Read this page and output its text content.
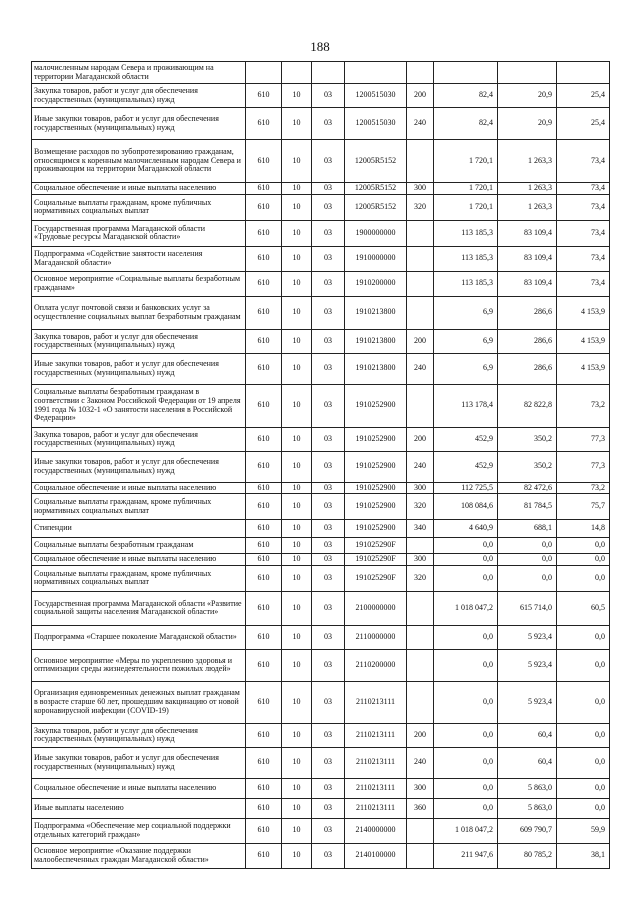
188
малочисленным народам Севера и проживающим на территории Магаданской области								
Закупка товаров, работ и услуг для обеспечения государственных (муниципальных) нужд	610	10	03	1200515030	200	82,4	20,9	25,4
Иные закупки товаров, работ и услуг для обеспечения государственных (муниципальных) нужд	610	10	03	1200515030	240	82,4	20,9	25,4
Возмещение расходов по зубопротезированию гражданам, относящимся к коренным малочисленным народам Севера и проживающим на территории Магаданской области	610	10	03	12005R5152		1 720,1	1 263,3	73,4
Социальное обеспечение и иные выплаты населению	610	10	03	12005R5152	300	1 720,1	1 263,3	73,4
Социальные выплаты гражданам, кроме публичных нормативных социальных выплат	610	10	03	12005R5152	320	1 720,1	1 263,3	73,4
Государственная программа Магаданской области «Трудовые ресурсы Магаданской области»	610	10	03	1900000000		113 185,3	83 109,4	73,4
Подпрограмма «Содействие занятости населения Магаданской области»	610	10	03	1910000000		113 185,3	83 109,4	73,4
Основное мероприятие «Социальные выплаты безработным гражданам»	610	10	03	1910200000		113 185,3	83 109,4	73,4
Оплата услуг почтовой связи и банковских услуг за осуществление социальных выплат безработным гражданам	610	10	03	1910213800		6,9	286,6	4 153,9
Закупка товаров, работ и услуг для обеспечения государственных (муниципальных) нужд	610	10	03	1910213800	200	6,9	286,6	4 153,9
Иные закупки товаров, работ и услуг для обеспечения государственных (муниципальных) нужд	610	10	03	1910213800	240	6,9	286,6	4 153,9
Социальные выплаты безработным гражданам в соответствии с Законом Российской Федерации от 19 апреля 1991 года № 1032-1 «О занятости населения в Российской Федерации»	610	10	03	1910252900		113 178,4	82 822,8	73,2
Закупка товаров, работ и услуг для обеспечения государственных (муниципальных) нужд	610	10	03	1910252900	200	452,9	350,2	77,3
Иные закупки товаров, работ и услуг для обеспечения государственных (муниципальных) нужд	610	10	03	1910252900	240	452,9	350,2	77,3
Социальное обеспечение и иные выплаты населению	610	10	03	1910252900	300	112 725,5	82 472,6	73,2
Социальные выплаты гражданам, кроме публичных нормативных социальных выплат	610	10	03	1910252900	320	108 084,6	81 784,5	75,7
Стипендии	610	10	03	1910252900	340	4 640,9	688,1	14,8
Социальные выплаты безработным гражданам	610	10	03	191025290F		0,0	0,0	0,0
Социальное обеспечение и иные выплаты населению	610	10	03	191025290F	300	0,0	0,0	0,0
Социальные выплаты гражданам, кроме публичных нормативных социальных выплат	610	10	03	191025290F	320	0,0	0,0	0,0
Государственная программа Магаданской области «Развитие социальной защиты населения Магаданской области»	610	10	03	2100000000		1 018 047,2	615 714,0	60,5
Подпрограмма «Старшее поколение Магаданской области»	610	10	03	2110000000		0,0	5 923,4	0,0
Основное мероприятие «Меры по укреплению здоровья и оптимизации среды жизнедеятельности пожилых людей»	610	10	03	2110200000		0,0	5 923,4	0,0
Организация единовременных денежных выплат гражданам в возрасте старше 60 лет, прошедшим вакцинацию от новой коронавирусной инфекции (COVID-19)	610	10	03	2110213111		0,0	5 923,4	0,0
Закупка товаров, работ и услуг для обеспечения государственных (муниципальных) нужд	610	10	03	2110213111	200	0,0	60,4	0,0
Иные закупки товаров, работ и услуг для обеспечения государственных (муниципальных) нужд	610	10	03	2110213111	240	0,0	60,4	0,0
Социальное обеспечение и иные выплаты населению	610	10	03	2110213111	300	0,0	5 863,0	0,0
Иные выплаты населению	610	10	03	2110213111	360	0,0	5 863,0	0,0
Подпрограмма «Обеспечение мер социальной поддержки отдельных категорий граждан»	610	10	03	2140000000		1 018 047,2	609 790,7	59,9
Основное мероприятие «Оказание поддержки малообеспеченных граждан Магаданской области»	610	10	03	2140100000		211 947,6	80 785,2	38,1
